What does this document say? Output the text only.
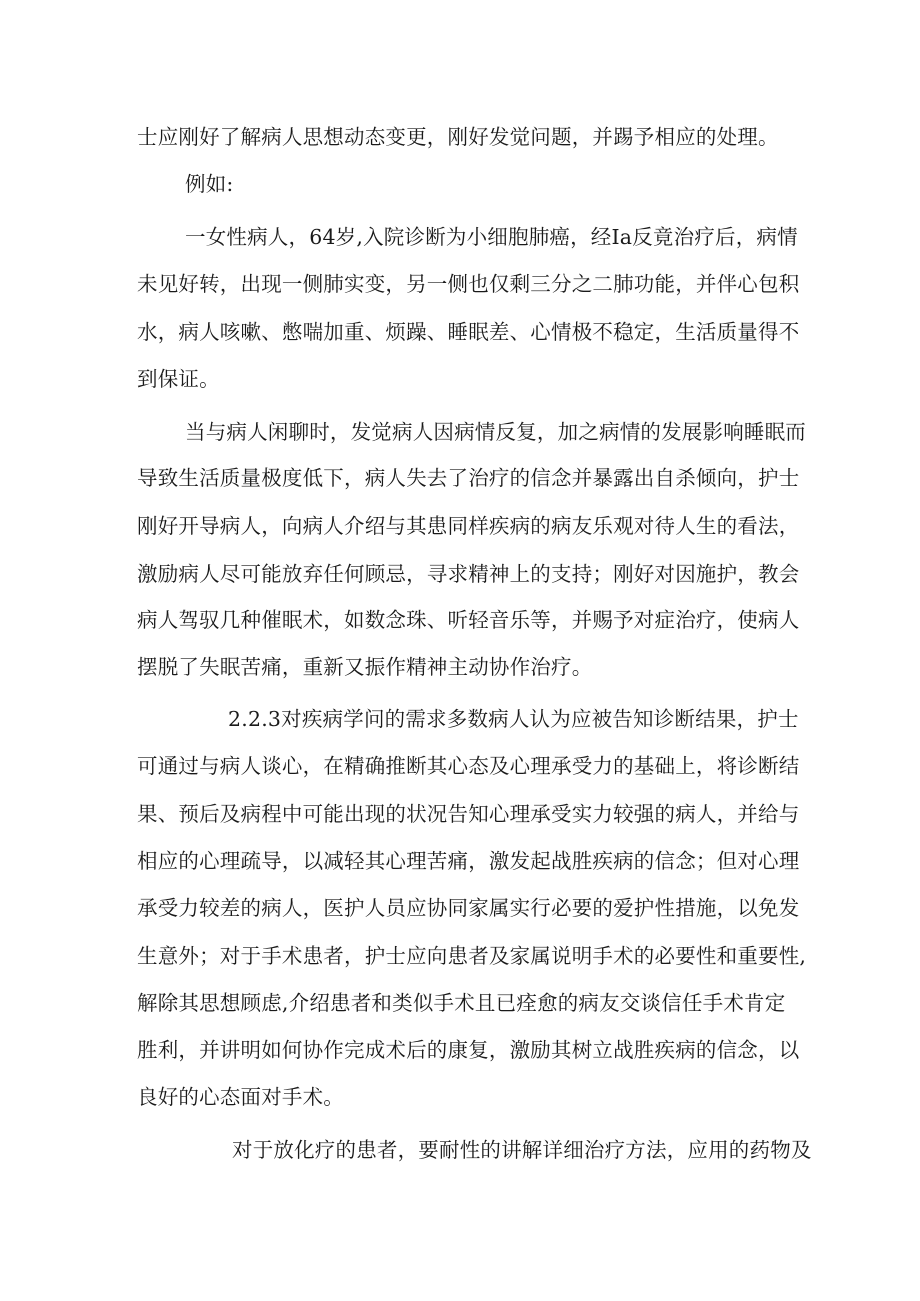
士应刚好了解病人思想动态变更，刚好发觉问题，并踢予相应的处理。
例如:
一女性病人，64岁,入院诊断为小细胞肺癌，经Ia反竟治疗后，病情
未见好转，出现一侧肺实变，另一侧也仅剩三分之二肺功能，并伴心包积
水，病人咳嗽、憋喘加重、烦躁、睡眠差、心情极不稳定，生活质量得不
到保证。
当与病人闲聊时，发觉病人因病情反复，加之病情的发展影响睡眠而
导致生活质量极度低下，病人失去了治疗的信念并暴露出自杀倾向，护士
刚好开导病人，向病人介绍与其患同样疾病的病友乐观对待人生的看法，
激励病人尽可能放弃任何顾忌，寻求精神上的支持；刚好对因施护，教会
病人驾驭几种催眠术，如数念珠、听轻音乐等，并赐予对症治疗，使病人
摆脱了失眠苦痛，重新又振作精神主动协作治疗。
2.2.3对疾病学问的需求多数病人认为应被告知诊断结果，护士
可通过与病人谈心，在精确推断其心态及心理承受力的基础上，将诊断结
果、预后及病程中可能出现的状况告知心理承受实力较强的病人，并给与
相应的心理疏导，以减轻其心理苦痛，激发起战胜疾病的信念；但对心理
承受力较差的病人，医护人员应协同家属实行必要的爱护性措施，以免发
生意外；对于手术患者，护士应向患者及家属说明手术的必要性和重要性,
解除其思想顾虑,介绍患者和类似手术且已痊愈的病友交谈信任手术肯定
胜利，并讲明如何协作完成术后的康复，激励其树立战胜疾病的信念，以
良好的心态面对手术。
对于放化疗的患者，要耐性的讲解详细治疗方法，应用的药物及
